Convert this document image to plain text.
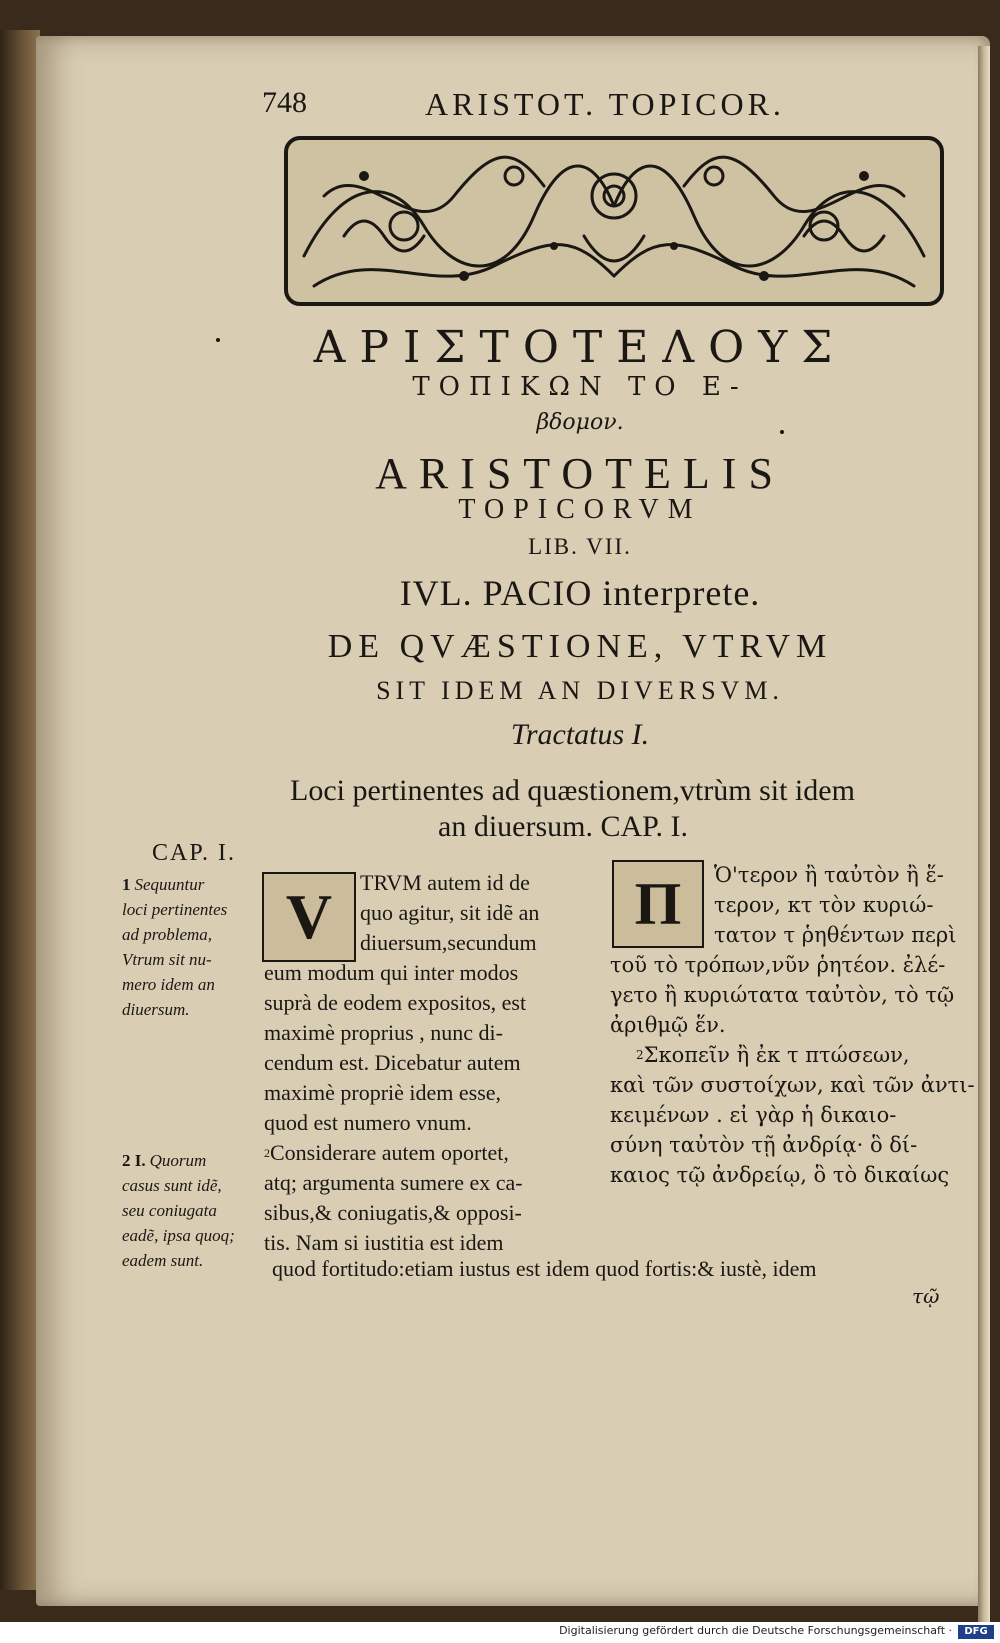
748	ARISTOT. TOPICOR.
ΑΡΙΣΤΟΤΕΛΟΥΣ
ΤΟΠΙΚΩΝ ΤΟ Ε-
βδομον.
ARISTOTELIS
TOPICORVM
LIB. VII.
IVL. PACIO interprete.
DE QVÆSTIONE, VTRVM
SIT IDEM AN DIVERSVM.
Tractatus I.
Loci pertinentes ad quæstionem,vtrùm sit idem
an diuersum. CAP. I.
CAP. I.
1 Sequuntur
loci pertinentes
ad problema,
Vtrum sit nu-
mero idem an
diuersum.
2 I. Quorum
casus sunt idẽ,
seu coniugata
eadẽ, ipsa quoq;
eadem sunt.
V	TRVM autem id de
quo agitur, sit idẽ an
diuersum,secundum
eum modum qui inter modos
suprà de eodem expositos, est
maximè proprius , nunc di-
cendum est. Dicebatur autem
maximè propriè idem esse,
quod est numero vnum.
$^2$Considerare autem oportet,
atq; argumenta sumere ex ca-
sibus,& coniugatis,& opposi-
tis. Nam si iustitia est idem
Π	Ὁ'τερον ἢ ταὐτὸν ἢ ἕ-
τερον, κτ τὸν κυριώ-
τατον τ ῥηθέντων περὶ
τοῦ τὸ τρόπων,νῦν ῥητέον. ἐλέ-
γετο ἢ κυριώτατα ταὐτὸν, τὸ τῷ
ἀριθμῷ ἕν.
$^2$Σκοπεῖν ἢ ἐκ τ πτώσεων,
καὶ τῶν συστοίχων, καὶ τῶν ἀντι-
κειμένων . εἰ γὰρ ἡ δικαιο-
σύνη ταὐτὸν τῇ ἀνδρίᾳ· ὃ δί-
καιος τῷ ἀνδρείῳ, ὃ τὸ δικαίως
quod fortitudo:etiam iustus est idem quod fortis:& iustè, idem
τῷ
Digitalisierung gefördert durch die Deutsche Forschungsgemeinschaft ·	DFG
